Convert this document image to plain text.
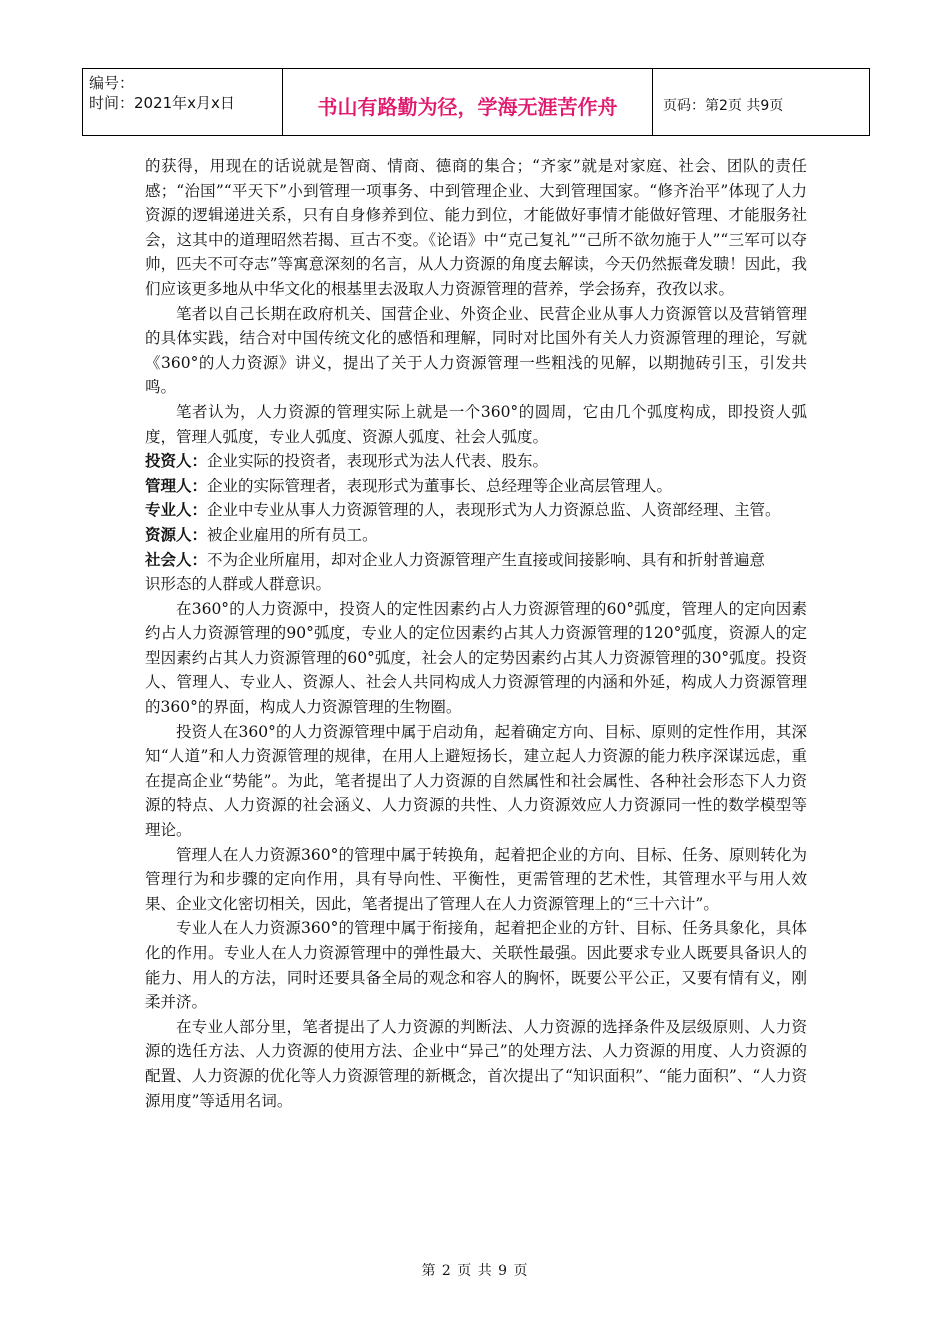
编号：
时间：2021年x月x日	书山有路勤为径，学海无涯苦作舟	页码：第2页 共9页

的获得，用现在的话说就是智商、情商、德商的集合；“齐家”就是对家庭、社会、团队的责任感；“治国”“平天下”小到管理一项事务、中到管理企业、大到管理国家。“修齐治平”体现了人力资源的逻辑递进关系，只有自身修养到位、能力到位，才能做好事情才能做好管理、才能服务社会，这其中的道理昭然若揭、亘古不变。《论语》中“克己复礼”“己所不欲勿施于人”“三军可以夺帅，匹夫不可夺志”等寓意深刻的名言，从人力资源的角度去解读，今天仍然振聋发聩！因此，我们应该更多地从中华文化的根基里去汲取人力资源管理的营养，学会扬弃，孜孜以求。

笔者以自己长期在政府机关、国营企业、外资企业、民营企业从事人力资源管以及营销管理的具体实践，结合对中国传统文化的感悟和理解，同时对比国外有关人力资源管理的理论，写就《360°的人力资源》讲义，提出了关于人力资源管理一些粗浅的见解，以期抛砖引玉，引发共鸣。

笔者认为，人力资源的管理实际上就是一个360°的圆周，它由几个弧度构成，即投资人弧度，管理人弧度，专业人弧度、资源人弧度、社会人弧度。

投资人： 企业实际的投资者，表现形式为法人代表、股东。
管理人： 企业的实际管理者，表现形式为董事长、总经理等企业高层管理人。
专业人： 企业中专业从事人力资源管理的人，表现形式为人力资源总监、人资部经理、主管。
资源人： 被企业雇用的所有员工。
社会人： 不为企业所雇用，却对企业人力资源管理产生直接或间接影响、具有和折射普遍意

识形态的人群或人群意识。

在360°的人力资源中，投资人的定性因素约占人力资源管理的60°弧度，管理人的定向因素约占人力资源管理的90°弧度，专业人的定位因素约占其人力资源管理的120°弧度，资源人的定型因素约占其人力资源管理的60°弧度，社会人的定势因素约占其人力资源管理的30°弧度。投资人、管理人、专业人、资源人、社会人共同构成人力资源管理的内涵和外延，构成人力资源管理的360°的界面，构成人力资源管理的生物圈。

投资人在360°的人力资源管理中属于启动角，起着确定方向、目标、原则的定性作用，其深知“人道”和人力资源管理的规律，在用人上避短扬长，建立起人力资源的能力秩序深谋远虑，重在提高企业“势能”。为此，笔者提出了人力资源的自然属性和社会属性、各种社会形态下人力资源的特点、人力资源的社会涵义、人力资源的共性、人力资源效应人力资源同一性的数学模型等理论。

管理人在人力资源360°的管理中属于转换角，起着把企业的方向、目标、任务、原则转化为管理行为和步骤的定向作用，具有导向性、平衡性，更需管理的艺术性，其管理水平与用人效果、企业文化密切相关，因此，笔者提出了管理人在人力资源管理上的“三十六计”。

专业人在人力资源360°的管理中属于衔接角，起着把企业的方针、目标、任务具象化，具体化的作用。专业人在人力资源管理中的弹性最大、关联性最强。因此要求专业人既要具备识人的能力、用人的方法，同时还要具备全局的观念和容人的胸怀，既要公平公正，又要有情有义，刚柔并济。

在专业人部分里，笔者提出了人力资源的判断法、人力资源的选择条件及层级原则、人力资源的选任方法、人力资源的使用方法、企业中“异己”的处理方法、人力资源的用度、人力资源的配置、人力资源的优化等人力资源管理的新概念，首次提出了“知识面积”、“能力面积”、“人力资源用度”等适用名词。

第 2 页 共 9 页
